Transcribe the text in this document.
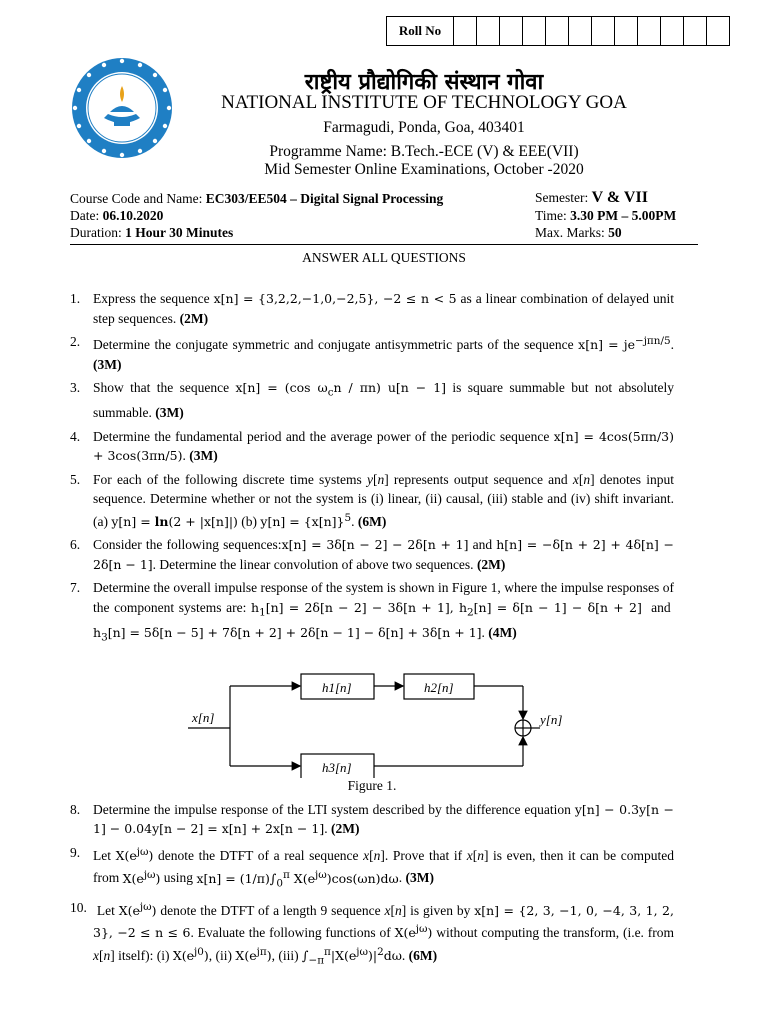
Roll No												
राष्ट्रीय प्रौद्योगिकी संस्थान गोवा
NATIONAL INSTITUTE OF TECHNOLOGY GOA
Farmagudi, Ponda, Goa, 403401
Programme Name: B.Tech.-ECE (V) & EEE(VII)
Mid Semester Online Examinations, October -2020
Course Code and Name: EC303/EE504 – Digital Signal Processing
Date: 06.10.2020
Duration: 1 Hour 30 Minutes
Semester: V & VII
Time: 3.30 PM – 5.00PM
Max. Marks: 50
ANSWER ALL QUESTIONS
1. Express the sequence x[n] = {3,2,2,−1,0,−2,5}, −2 ≤ n < 5 as a linear combination of delayed unit step sequences. (2M)
2. Determine the conjugate symmetric and conjugate antisymmetric parts of the sequence $x[n] = je^{-j\pi n/5}$. (3M)
3. Show that the sequence x[n] = (cos $\omega_cn / \pi n$) u[n − 1] is square summable but not absolutely summable. (3M)
4. Determine the fundamental period and the average power of the periodic sequence x[n] = 4cos(5πn/3) + 3cos(3πn/5). (3M)
5. For each of the following discrete time systems y[n] represents output sequence and x[n] denotes input sequence. Determine whether or not the system is (i) linear, (ii) causal, (iii) stable and (iv) shift invariant. (a) y[n] = ln(2 + |x[n]|) (b) $y[n] = \{x[n]\}^5$. (6M)
6. Consider the following sequences:x[n] = 3δ[n − 2] − 2δ[n + 1] and h[n] = −δ[n + 2] + 4δ[n] − 2δ[n − 1]. Determine the linear convolution of above two sequences. (2M)
7. Determine the overall impulse response of the system is shown in Figure 1, where the impulse responses of the component systems are: $h_1[n] = 2\delta[n - 2] - 3\delta[n + 1]$, $h_2[n] = \delta[n - 1] - \delta[n + 2]$  and  $h_3[n] = 5\delta[n - 5] + 7\delta[n + 2] + 2\delta[n - 1] - \delta[n] + 3\delta[n + 1]$. (4M)
x[n]	y[n]
h1[n]	h2[n]
h3[n]
Figure 1.
8. Determine the impulse response of the LTI system described by the difference equation y[n] − 0.3y[n − 1] − 0.04y[n − 2] = x[n] + 2x[n − 1]. (2M)
9. Let $X(e^{j\omega})$ denote the DTFT of a real sequence x[n]. Prove that if x[n] is even, then it can be computed from $X(e^{j\omega})$ using $x[n] = (1/\pi)\int_0^\pi$ $X(e^{j\omega})\cos(\omega n)d\omega$. (3M)
10. Let $X(e^{j\omega})$ denote the DTFT of a length 9 sequence x[n] is given by x[n] = {2, 3, −1, 0, −4, 3, 1, 2, 3}, −2 ≤ n ≤ 6. Evaluate the following functions of $X(e^{j\omega})$ without computing the transform, (i.e. from x[n] itself): (i) $X(e^{j0})$, (ii) $X(e^{j\pi})$, (iii) $\int_{-\pi}^\pi|X(e^{j\omega})|^2d\omega$. (6M)
